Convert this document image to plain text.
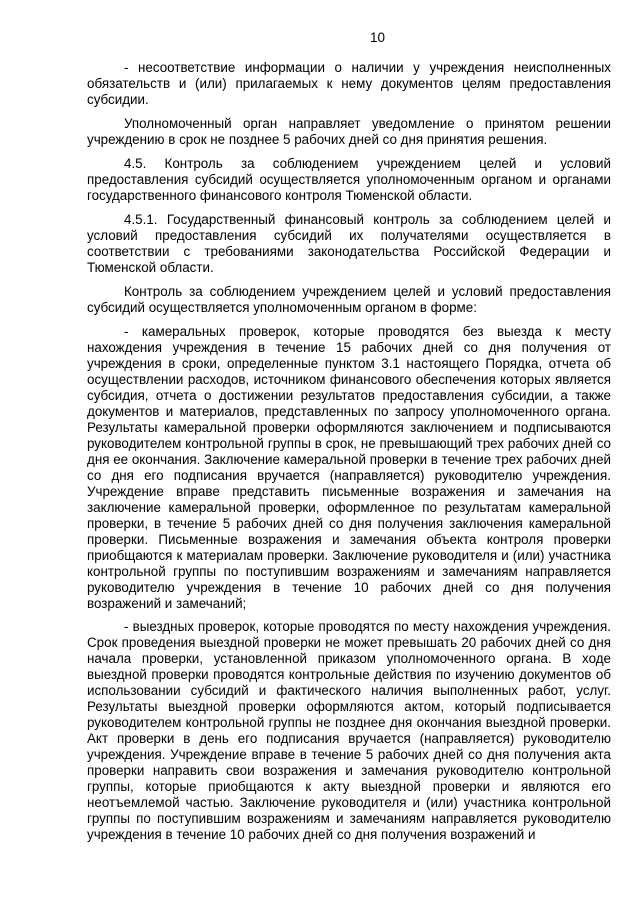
10

- несоответствие информации о наличии у учреждения неисполненных обязательств и (или) прилагаемых к нему документов целям предоставления субсидии.

Уполномоченный орган направляет уведомление о принятом решении учреждению в срок не позднее 5 рабочих дней со дня принятия решения.

4.5. Контроль за соблюдением учреждением целей и условий предоставления субсидий осуществляется уполномоченным органом и органами государственного финансового контроля Тюменской области.

4.5.1. Государственный финансовый контроль за соблюдением целей и условий предоставления субсидий их получателями осуществляется в соответствии с требованиями законодательства Российской Федерации и Тюменской области.

Контроль за соблюдением учреждением целей и условий предоставления субсидий осуществляется уполномоченным органом в форме:

- камеральных проверок, которые проводятся без выезда к месту нахождения учреждения в течение 15 рабочих дней со дня получения от учреждения в сроки, определенные пунктом 3.1 настоящего Порядка, отчета об осуществлении расходов, источником финансового обеспечения которых является субсидия, отчета о достижении результатов предоставления субсидии, а также документов и материалов, представленных по запросу уполномоченного органа. Результаты камеральной проверки оформляются заключением и подписываются руководителем контрольной группы в срок, не превышающий трех рабочих дней со дня ее окончания. Заключение камеральной проверки в течение трех рабочих дней со дня его подписания вручается (направляется) руководителю учреждения. Учреждение вправе представить письменные возражения и замечания на заключение камеральной проверки, оформленное по результатам камеральной проверки, в течение 5 рабочих дней со дня получения заключения камеральной проверки. Письменные возражения и замечания объекта контроля проверки приобщаются к материалам проверки. Заключение руководителя и (или) участника контрольной группы по поступившим возражениям и замечаниям направляется руководителю учреждения в течение 10 рабочих дней со дня получения возражений и замечаний;

- выездных проверок, которые проводятся по месту нахождения учреждения. Срок проведения выездной проверки не может превышать 20 рабочих дней со дня начала проверки, установленной приказом уполномоченного органа. В ходе выездной проверки проводятся контрольные действия по изучению документов об использовании субсидий и фактического наличия выполненных работ, услуг. Результаты выездной проверки оформляются актом, который подписывается руководителем контрольной группы не позднее дня окончания выездной проверки. Акт проверки в день его подписания вручается (направляется) руководителю учреждения. Учреждение вправе в течение 5 рабочих дней со дня получения акта проверки направить свои возражения и замечания руководителю контрольной группы, которые приобщаются к акту выездной проверки и являются его неотъемлемой частью. Заключение руководителя и (или) участника контрольной группы по поступившим возражениям и замечаниям направляется руководителю учреждения в течение 10 рабочих дней со дня получения возражений и
